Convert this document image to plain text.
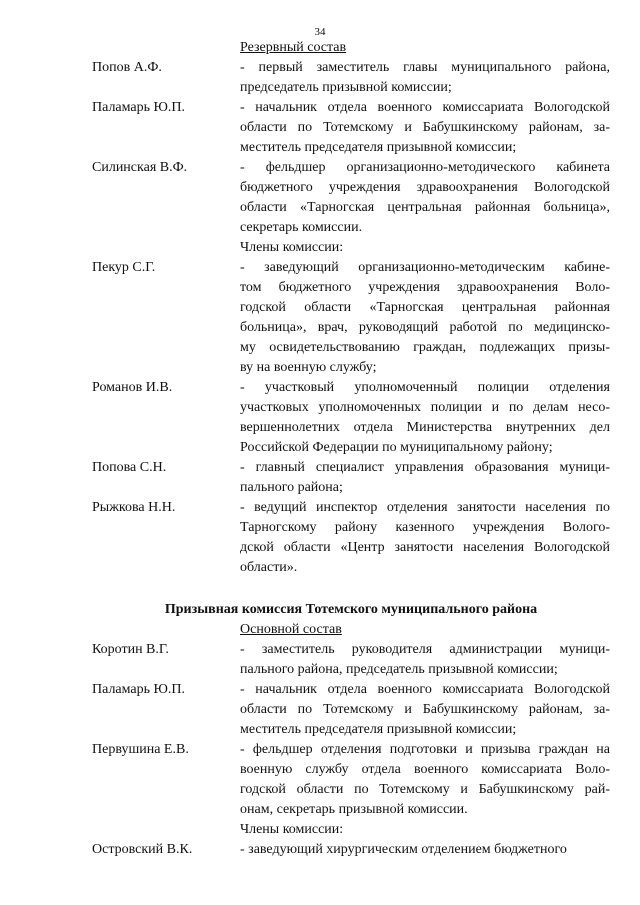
34
Резервный состав
Попов А.Ф.	- первый заместитель главы муниципального района,
председатель призывной комиссии;
Паламарь Ю.П.	- начальник отдела военного комиссариата Вологодской
области по Тотемскому и Бабушкинскому районам, за-
меститель председателя призывной комиссии;
Силинская В.Ф.	- фельдшер организационно-методического кабинета
бюджетного учреждения здравоохранения Вологодской
области «Тарногская центральная районная больница»,
секретарь комиссии.
Члены комиссии:
Пекур С.Г.	- заведующий организационно-методическим кабине-
том бюджетного учреждения здравоохранения Воло-
годской области «Тарногская центральная районная
больница», врач, руководящий работой по медицинско-
му освидетельствованию граждан, подлежащих призы-
ву на военную службу;
Романов И.В.	- участковый уполномоченный полиции отделения
участковых уполномоченных полиции и по делам несо-
вершеннолетних отдела Министерства внутренних дел
Российской Федерации по муниципальному району;
Попова С.Н.	- главный специалист управления образования муници-
пального района;
Рыжкова Н.Н.	- ведущий инспектор отделения занятости населения по
Тарногскому району казенного учреждения Волого-
дской области «Центр занятости населения Вологодской
области».
Призывная комиссия Тотемского муниципального района
Основной состав
Коротин В.Г.	- заместитель руководителя администрации муници-
пального района, председатель призывной комиссии;
Паламарь Ю.П.	- начальник отдела военного комиссариата Вологодской
области по Тотемскому и Бабушкинскому районам, за-
меститель председателя призывной комиссии;
Первушина Е.В.	- фельдшер отделения подготовки и призыва граждан на
военную службу отдела военного комиссариата Воло-
годской области по Тотемскому и Бабушкинскому рай-
онам, секретарь призывной комиссии.
Члены комиссии:
Островский В.К.	- заведующий хирургическим отделением бюджетного
